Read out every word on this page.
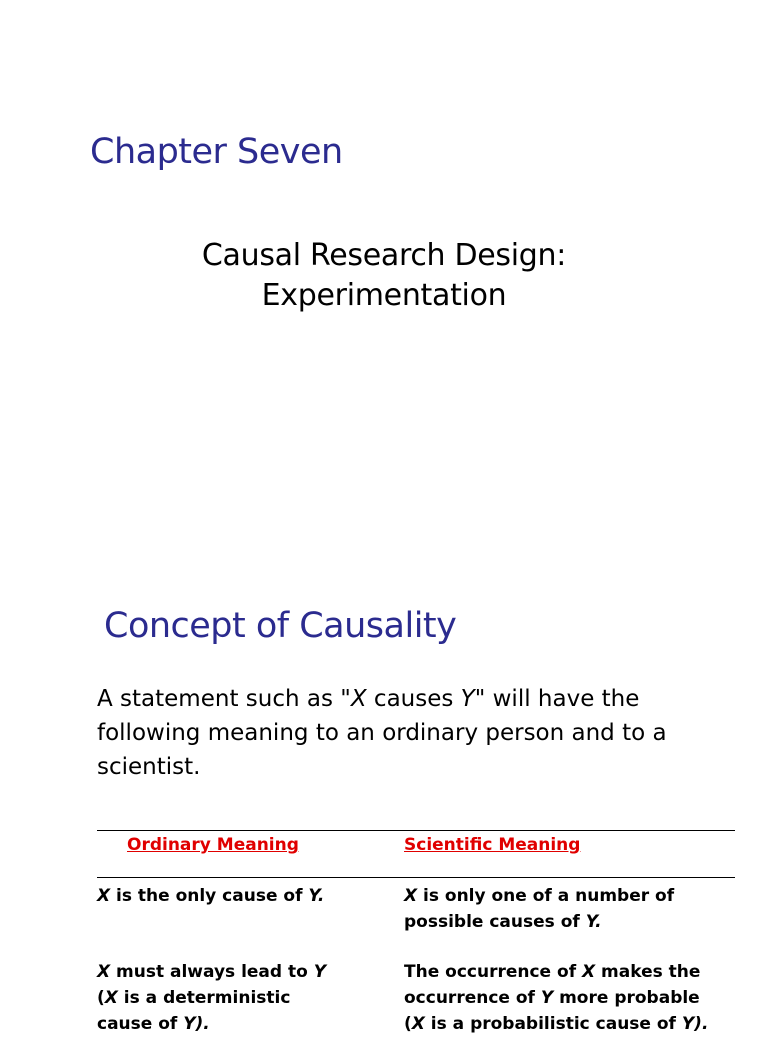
Chapter Seven
Causal Research Design:
Experimentation
Concept of Causality
A statement such as "X causes Y" will have the
following meaning to an ordinary person and to a
scientist.
Ordinary Meaning	Scientific Meaning
X is the only cause of Y.	X is only one of a number of
possible causes of Y.
X must always lead to Y
(X is a deterministic
cause of Y).
The occurrence of X makes the
occurrence of Y more probable
(X is a probabilistic cause of Y).
